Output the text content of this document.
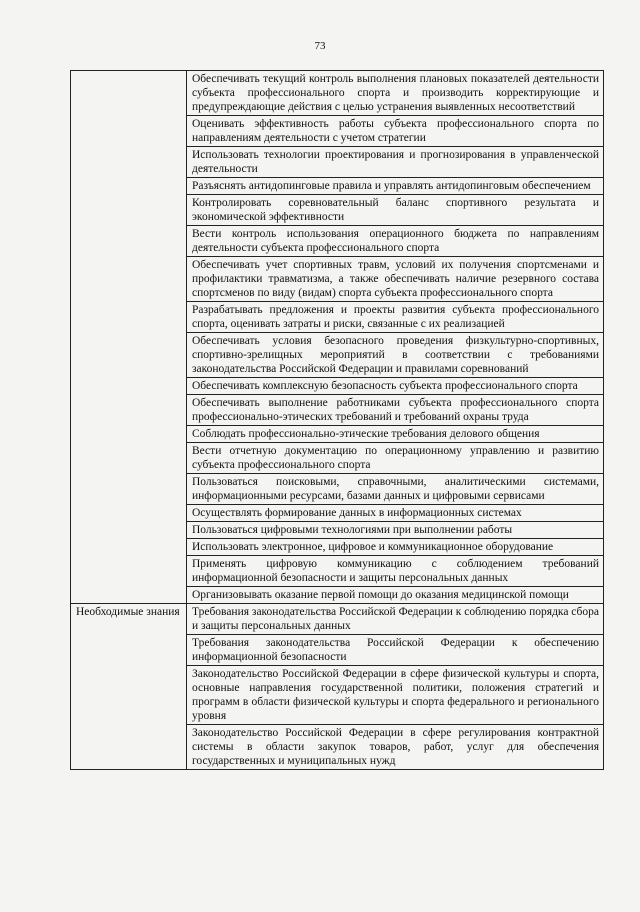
73
	Обеспечивать текущий контроль выполнения плановых показателей деятельности субъекта профессионального спорта и производить корректирующие и предупреждающие действия с целью устранения выявленных несоответствий
	Оценивать эффективность работы субъекта профессионального спорта по направлениям деятельности с учетом стратегии
	Использовать технологии проектирования и прогнозирования в управленческой деятельности
	Разъяснять антидопинговые правила и управлять антидопинговым обеспечением
	Контролировать соревновательный баланс спортивного результата и экономической эффективности
	Вести контроль использования операционного бюджета по направлениям деятельности субъекта профессионального спорта
	Обеспечивать учет спортивных травм, условий их получения спортсменами и профилактики травматизма, а также обеспечивать наличие резервного состава спортсменов по виду (видам) спорта субъекта профессионального спорта
	Разрабатывать предложения и проекты развития субъекта профессионального спорта, оценивать затраты и риски, связанные с их реализацией
	Обеспечивать условия безопасного проведения физкультурно-спортивных, спортивно-зрелищных мероприятий в соответствии с требованиями законодательства Российской Федерации и правилами соревнований
	Обеспечивать комплексную безопасность субъекта профессионального спорта
	Обеспечивать выполнение работниками субъекта профессионального спорта профессионально-этических требований и требований охраны труда
	Соблюдать профессионально-этические требования делового общения
	Вести отчетную документацию по операционному управлению и развитию субъекта профессионального спорта
	Пользоваться поисковыми, справочными, аналитическими системами, информационными ресурсами, базами данных и цифровыми сервисами
	Осуществлять формирование данных в информационных системах
	Пользоваться цифровыми технологиями при выполнении работы
	Использовать электронное, цифровое и коммуникационное оборудование
	Применять цифровую коммуникацию с соблюдением требований информационной безопасности и защиты персональных данных
	Организовывать оказание первой помощи до оказания медицинской помощи
Необходимые знания	Требования законодательства Российской Федерации к соблюдению порядка сбора и защиты персональных данных
	Требования законодательства Российской Федерации к обеспечению информационной безопасности
	Законодательство Российской Федерации в сфере физической культуры и спорта, основные направления государственной политики, положения стратегий и программ в области физической культуры и спорта федерального и регионального уровня
	Законодательство Российской Федерации в сфере регулирования контрактной системы в области закупок товаров, работ, услуг для обеспечения государственных и муниципальных нужд
